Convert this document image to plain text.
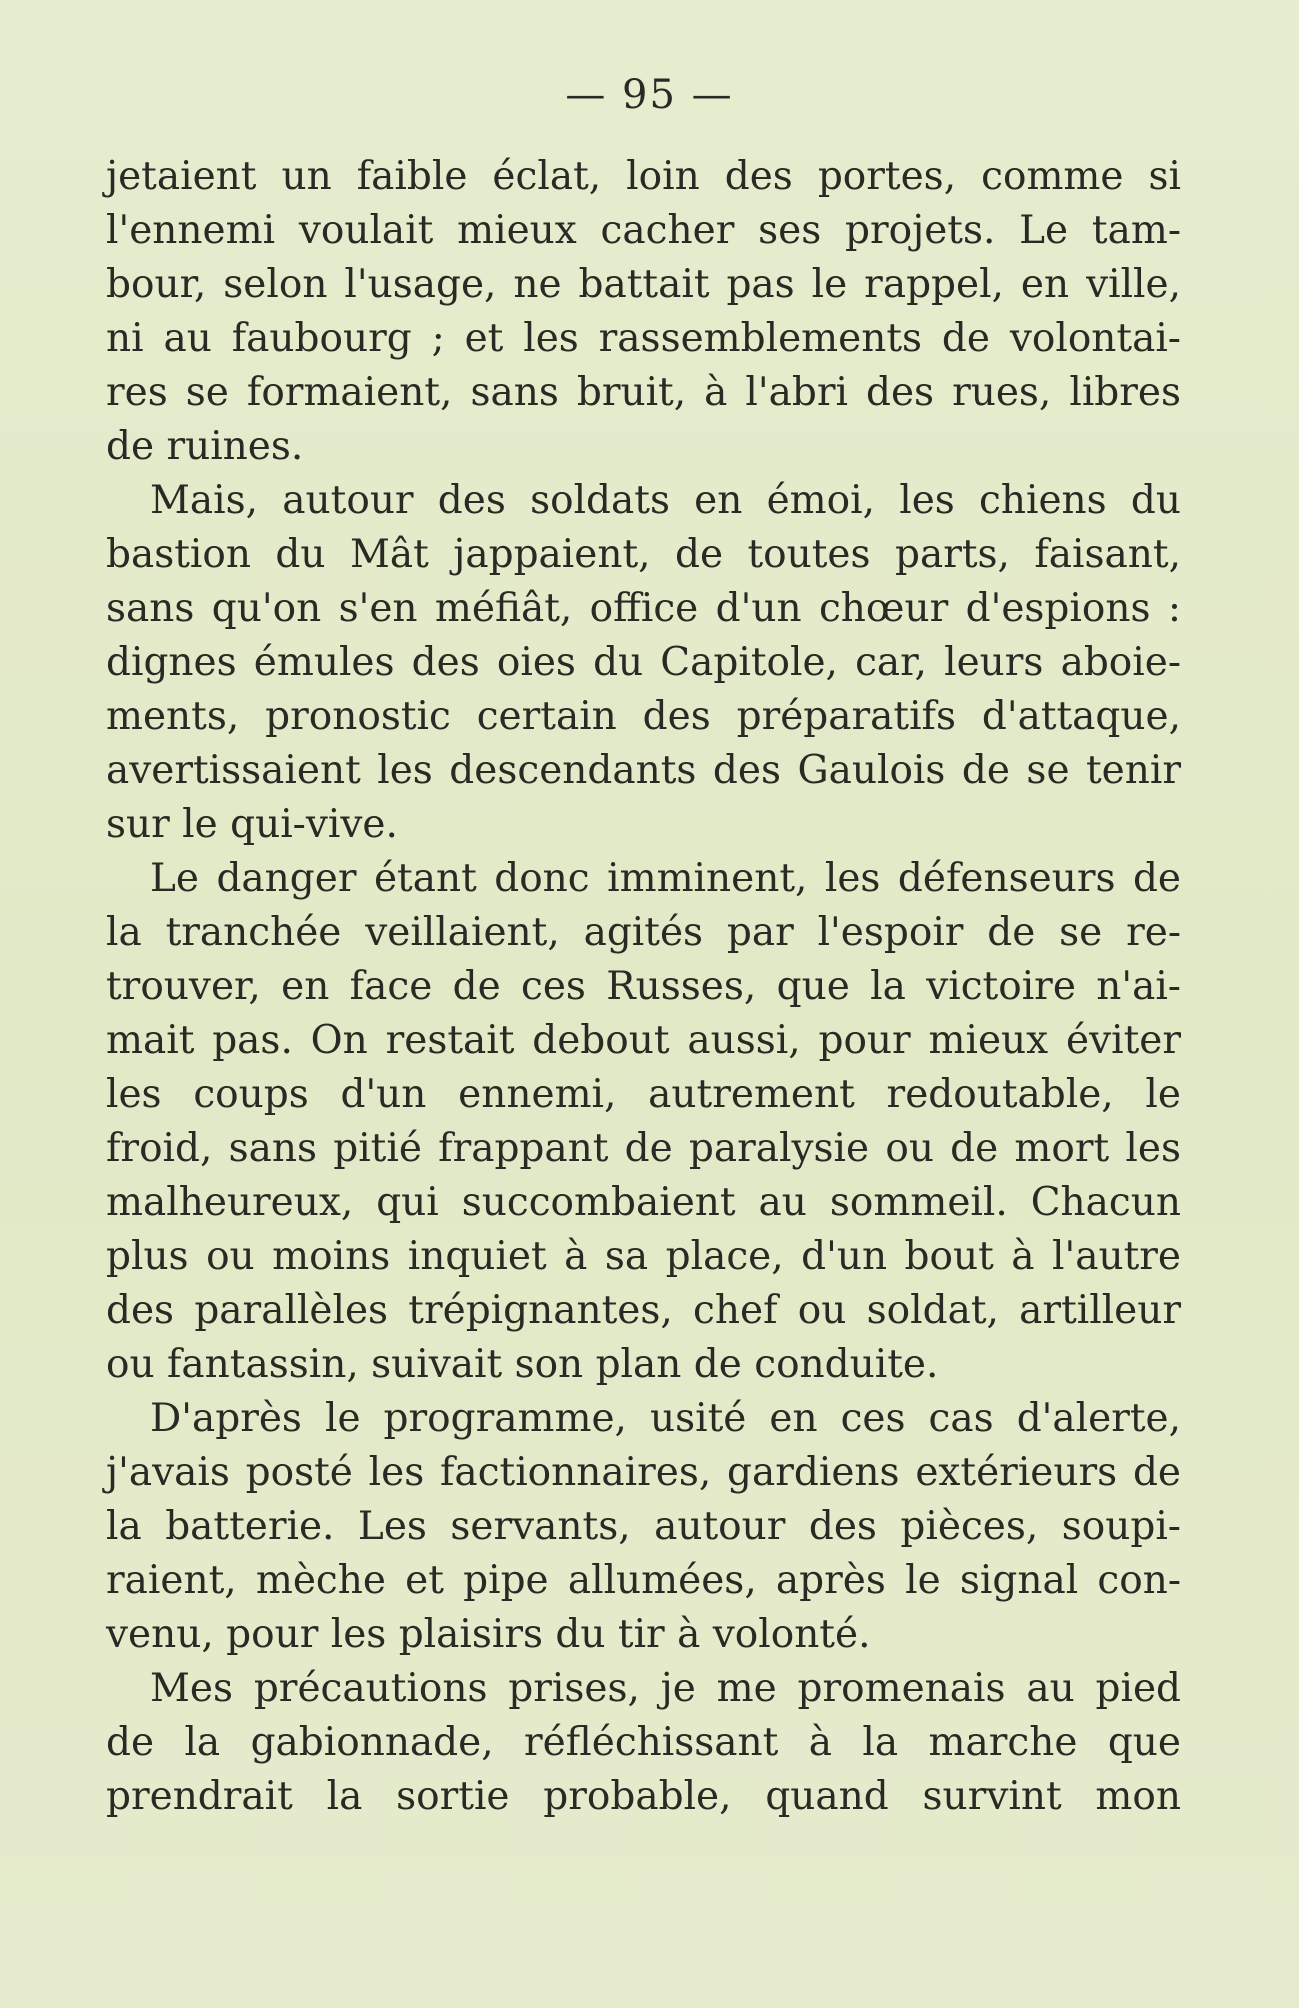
— 95 —
jetaient un faible éclat, loin des portes, comme si
l'ennemi voulait mieux cacher ses projets. Le tam-
bour, selon l'usage, ne battait pas le rappel, en ville,
ni au faubourg ; et les rassemblements de volontai-
res se formaient, sans bruit, à l'abri des rues, libres
de ruines.
Mais, autour des soldats en émoi, les chiens du
bastion du Mât jappaient, de toutes parts, faisant,
sans qu'on s'en méfiât, office d'un chœur d'espions :
dignes émules des oies du Capitole, car, leurs aboie-
ments, pronostic certain des préparatifs d'attaque,
avertissaient les descendants des Gaulois de se tenir
sur le qui-vive.
Le danger étant donc imminent, les défenseurs de
la tranchée veillaient, agités par l'espoir de se re-
trouver, en face de ces Russes, que la victoire n'ai-
mait pas. On restait debout aussi, pour mieux éviter
les coups d'un ennemi, autrement redoutable, le
froid, sans pitié frappant de paralysie ou de mort les
malheureux, qui succombaient au sommeil. Chacun
plus ou moins inquiet à sa place, d'un bout à l'autre
des parallèles trépignantes, chef ou soldat, artilleur
ou fantassin, suivait son plan de conduite.
D'après le programme, usité en ces cas d'alerte,
j'avais posté les factionnaires, gardiens extérieurs de
la batterie. Les servants, autour des pièces, soupi-
raient, mèche et pipe allumées, après le signal con-
venu, pour les plaisirs du tir à volonté.
Mes précautions prises, je me promenais au pied
de la gabionnade, réfléchissant à la marche que
prendrait la sortie probable, quand survint mon
